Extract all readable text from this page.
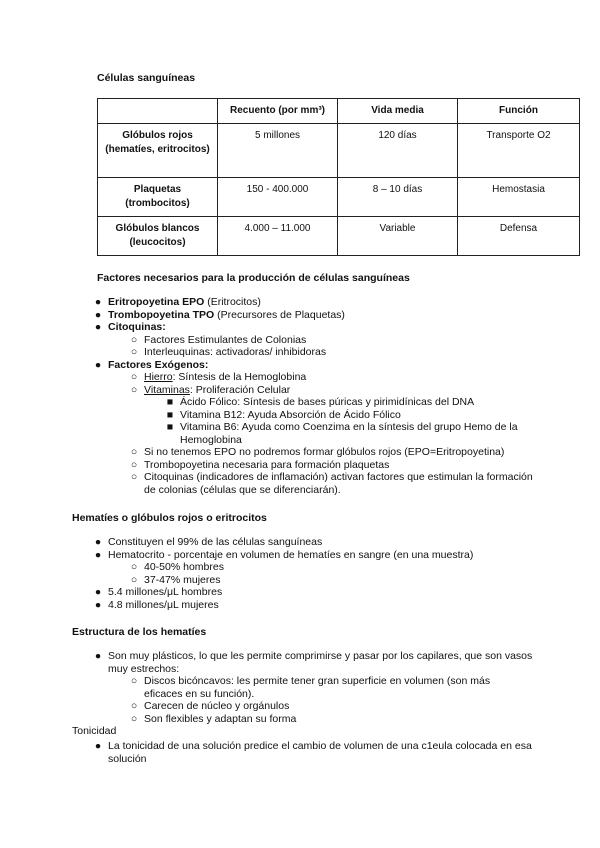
Células sanguíneas
	Recuento (por mm³)	Vida media	Función
Glóbulos rojos (hematíes, eritrocitos)	5 millones	120 días	Transporte O2
Plaquetas (trombocitos)	150 - 400.000	8 – 10 días	Hemostasia
Glóbulos blancos (leucocitos)	4.000 – 11.000	Variable	Defensa
Factores necesarios para la producción de células sanguíneas
● Eritropoyetina EPO (Eritrocitos)
● Trombopoyetina TPO (Precursores de Plaquetas)
● Citoquinas:
○ Factores Estimulantes de Colonias
○ Interleuquinas: activadoras/ inhibidoras
● Factores Exógenos:
○ Hierro: Síntesis de la Hemoglobina
○ Vitaminas: Proliferación Celular
■ Ácido Fólico: Síntesis de bases púricas y pirimidínicas del DNA
■ Vitamina B12: Ayuda Absorción de Ácido Fólico
■ Vitamina B6: Ayuda como Coenzima en la síntesis del grupo Hemo de la Hemoglobina
○ Si no tenemos EPO no podremos formar glóbulos rojos (EPO=Eritropoyetina)
○ Trombopoyetina necesaria para formación plaquetas
○ Citoquinas (indicadores de inflamación) activan factores que estimulan la formación de colonias (células que se diferenciarán).
Hematíes o glóbulos rojos o eritrocitos
● Constituyen el 99% de las células sanguíneas
● Hematocrito - porcentaje en volumen de hematíes en sangre (en una muestra)
○ 40-50% hombres
○ 37-47% mujeres
● 5.4 millones/μL hombres
● 4.8 millones/μL mujeres
Estructura de los hematíes
● Son muy plásticos, lo que les permite comprimirse y pasar por los capilares, que son vasos muy estrechos:
○ Discos bicóncavos: les permite tener gran superficie en volumen (son más eficaces en su función).
○ Carecen de núcleo y orgánulos
○ Son flexibles y adaptan su forma
Tonicidad
● La tonicidad de una solución predice el cambio de volumen de una c1eula colocada en esa solución
